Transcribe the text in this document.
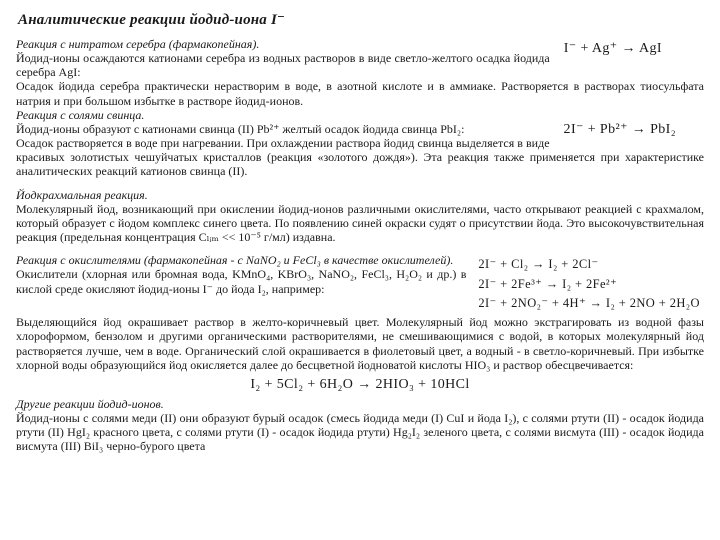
Аналитические реакции йодид-иона I⁻
I⁻ + Ag⁺ → AgI
Реакция с нитратом серебра (фармакопейная).
Йодид-ионы осаждаются катионами серебра из водных растворов в виде светло-желтого осадка йодида серебра AgI:
Осадок йодида серебра практически нерастворим в воде, в азотной кислоте и в аммиаке. Растворяется в растворах тиосульфата натрия и при большом избытке в растворе йодид-ионов.
Реакция с солями свинца.
2I⁻ + Pb²⁺ → PbI₂
Йодид-ионы образуют с катионами свинца (II) Pb²⁺ желтый осадок йодида свинца PbI₂:
Осадок растворяется в воде при нагревании. При охлаждении раствора йодид свинца выделяется в виде красивых золотистых чешуйчатых кристаллов (реакция «золотого дождя»). Эта реакция также применяется при характеристике аналитических реакций катионов свинца (II).
Йодкрахмальная реакция.
Молекулярный йод, возникающий при окислении йодид-ионов различными окислителями, часто открывают реакцией с крахмалом, который образует с йодом комплекс синего цвета. По появлению синей окраски судят о присутствии йода. Это высокочувствительная реакция (предельная концентрация Cₗᵢₘ << 10⁻⁵ г/мл) издавна.
2I⁻ + Cl₂ → I₂ + 2Cl⁻
2I⁻ + 2Fe³⁺ → I₂ + 2Fe²⁺
2I⁻ + 2NO₂⁻ + 4H⁺ → I₂ + 2NO + 2H₂O
Реакция с окислителями (фармакопейная - с NaNO₂ и FeCl₃ в качестве окислителей).
Окислители (хлорная или бромная вода, KMnO₄, KBrO₃, NaNO₂, FeCl₃, H₂O₂ и др.) в кислой среде окисляют йодид-ионы I⁻ до йода I₂, например:
Выделяющийся йод окрашивает раствор в желто-коричневый цвет. Молекулярный йод можно экстрагировать из водной фазы хлороформом, бензолом и другими органическими растворителями, не смешивающимися с водой, в которых молекулярный йод растворяется лучше, чем в воде. Органический слой окрашивается в фиолетовый цвет, а водный - в светло-коричневый. При избытке хлорной воды образующийся йод окисляется далее до бесцветной йодноватой кислоты HIO₃ и раствор обесцвечивается:
I₂ + 5Cl₂ + 6H₂O → 2HIO₃ + 10HCl
Другие реакции йодид-ионов.
Йодид-ионы с солями меди (II) они образуют бурый осадок (смесь йодида меди (I) CuI и йода I₂), с солями ртути (II) - осадок йодида ртути (II) HgI₂ красного цвета, с солями ртути (I) - осадок йодида ртути) Hg₂I₂ зеленого цвета, с солями висмута (III) - осадок йодида висмута (III) BiI₃ черно-бурого цвета
